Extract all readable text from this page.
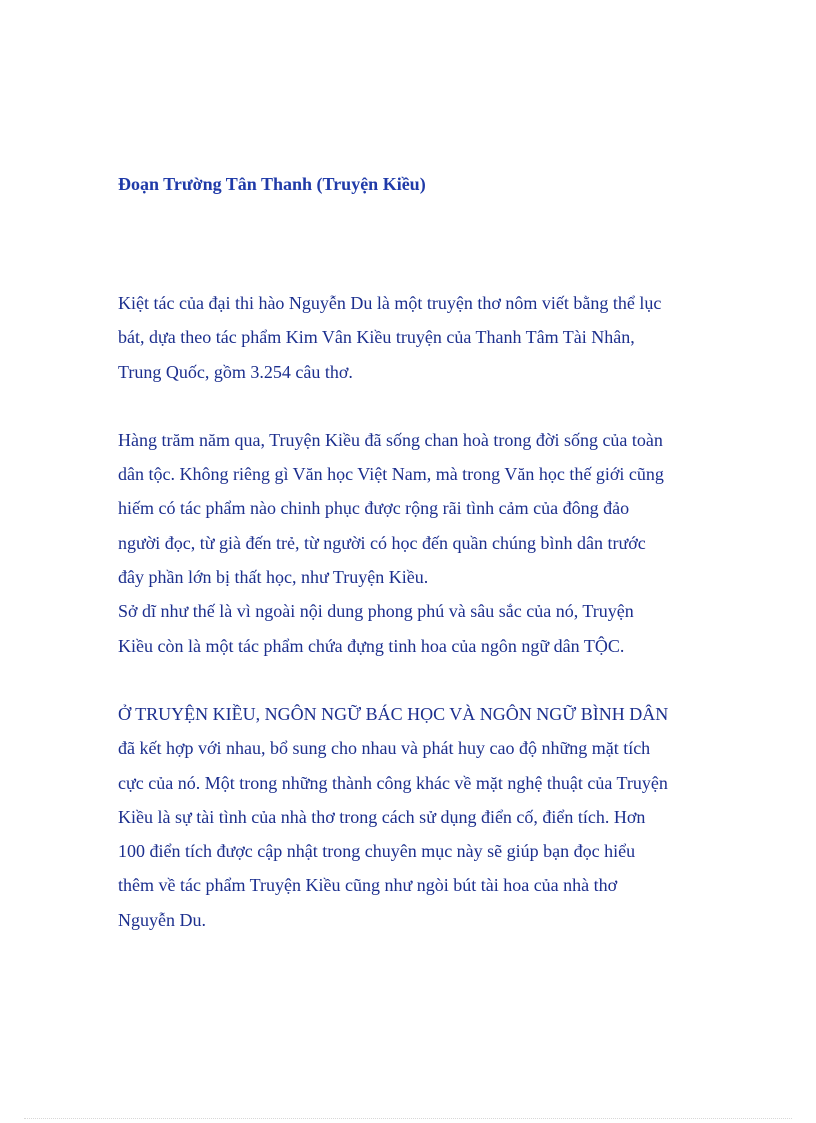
Đoạn Trường Tân Thanh (Truyện Kiều)

Kiệt tác của đại thi hào Nguyễn Du là một truyện thơ nôm viết bằng thể lục
bát, dựa theo tác phẩm Kim Vân Kiều truyện của Thanh Tâm Tài Nhân,
Trung Quốc, gồm 3.254 câu thơ.

Hàng trăm năm qua, Truyện Kiều đã sống chan hoà trong đời sống của toàn
dân tộc. Không riêng gì Văn học Việt Nam, mà trong Văn học thế giới cũng
hiếm có tác phẩm nào chinh phục được rộng rãi tình cảm của đông đảo
người đọc, từ già đến trẻ, từ người có học đến quần chúng bình dân trước
đây phần lớn bị thất học, như Truyện Kiều.

Sở dĩ như thế là vì ngoài nội dung phong phú và sâu sắc của nó, Truyện
Kiều còn là một tác phẩm chứa đựng tinh hoa của ngôn ngữ dân TỘC.

Ở TRUYỆN KIỀU, NGÔN NGỮ BÁC HỌC VÀ NGÔN NGỮ BÌNH DÂN
đã kết hợp với nhau, bổ sung cho nhau và phát huy cao độ những mặt tích
cực của nó. Một trong những thành công khác về mặt nghệ thuật của Truyện
Kiều là sự tài tình của nhà thơ trong cách sử dụng điển cố, điển tích. Hơn
100 điển tích được cập nhật trong chuyên mục này sẽ giúp bạn đọc hiểu
thêm về tác phẩm Truyện Kiều cũng như ngòi bút tài hoa của nhà thơ
Nguyễn Du.
